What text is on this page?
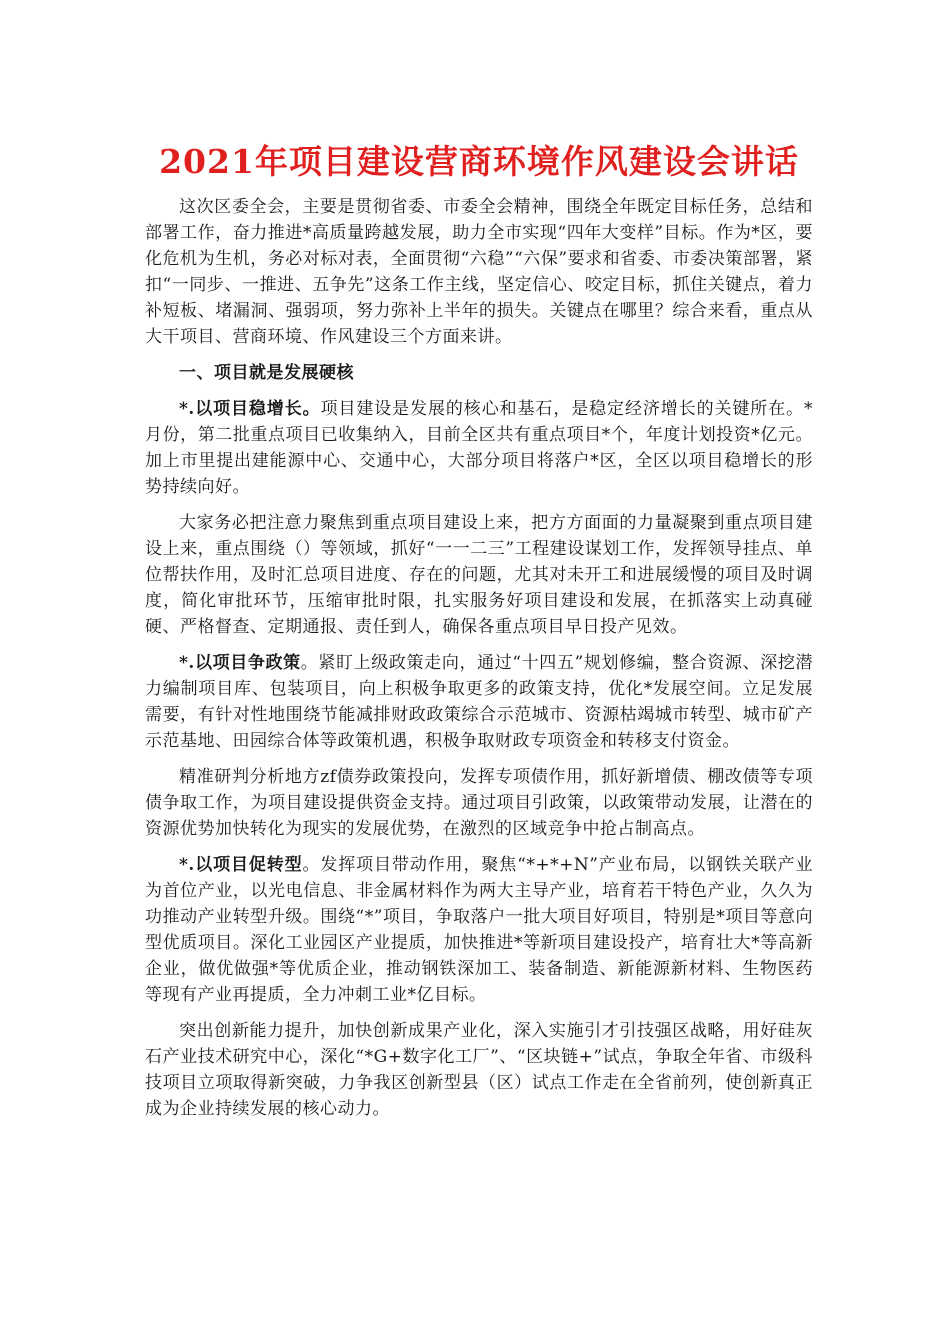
2021年项目建设营商环境作风建设会讲话

这次区委全会，主要是贯彻省委、市委全会精神，围绕全年既定目标任务，总结和部署工作，奋力推进*高质量跨越发展，助力全市实现“四年大变样”目标。作为*区，要化危机为生机，务必对标对表，全面贯彻“六稳”“六保”要求和省委、市委决策部署，紧扣“一同步、一推进、五争先”这条工作主线，坚定信心、咬定目标，抓住关键点，着力补短板、堵漏洞、强弱项，努力弥补上半年的损失。关键点在哪里？综合来看，重点从大干项目、营商环境、作风建设三个方面来讲。

一、项目就是发展硬核

*.以项目稳增长。项目建设是发展的核心和基石，是稳定经济增长的关键所在。*月份，第二批重点项目已收集纳入，目前全区共有重点项目*个，年度计划投资*亿元。加上市里提出建能源中心、交通中心，大部分项目将落户*区，全区以项目稳增长的形势持续向好。

大家务必把注意力聚焦到重点项目建设上来，把方方面面的力量凝聚到重点项目建设上来，重点围绕（）等领域，抓好“一一二三”工程建设谋划工作，发挥领导挂点、单位帮扶作用，及时汇总项目进度、存在的问题，尤其对未开工和进展缓慢的项目及时调度，简化审批环节，压缩审批时限，扎实服务好项目建设和发展，在抓落实上动真碰硬、严格督查、定期通报、责任到人，确保各重点项目早日投产见效。

*.以项目争政策。紧盯上级政策走向，通过“十四五”规划修编，整合资源、深挖潜力编制项目库、包装项目，向上积极争取更多的政策支持，优化*发展空间。立足发展需要，有针对性地围绕节能减排财政政策综合示范城市、资源枯竭城市转型、城市矿产示范基地、田园综合体等政策机遇，积极争取财政专项资金和转移支付资金。

精准研判分析地方zf债券政策投向，发挥专项债作用，抓好新增债、棚改债等专项债争取工作，为项目建设提供资金支持。通过项目引政策，以政策带动发展，让潜在的资源优势加快转化为现实的发展优势，在激烈的区域竞争中抢占制高点。

*.以项目促转型。发挥项目带动作用，聚焦“*+*+N”产业布局，以钢铁关联产业为首位产业，以光电信息、非金属材料作为两大主导产业，培育若干特色产业，久久为功推动产业转型升级。围绕“*”项目，争取落户一批大项目好项目，特别是*项目等意向型优质项目。深化工业园区产业提质，加快推进*等新项目建设投产，培育壮大*等高新企业，做优做强*等优质企业，推动钢铁深加工、装备制造、新能源新材料、生物医药等现有产业再提质，全力冲刺工业*亿目标。

突出创新能力提升，加快创新成果产业化，深入实施引才引技强区战略，用好硅灰石产业技术研究中心，深化“*G+数字化工厂”、“区块链+”试点，争取全年省、市级科技项目立项取得新突破，力争我区创新型县（区）试点工作走在全省前列，使创新真正成为企业持续发展的核心动力。
